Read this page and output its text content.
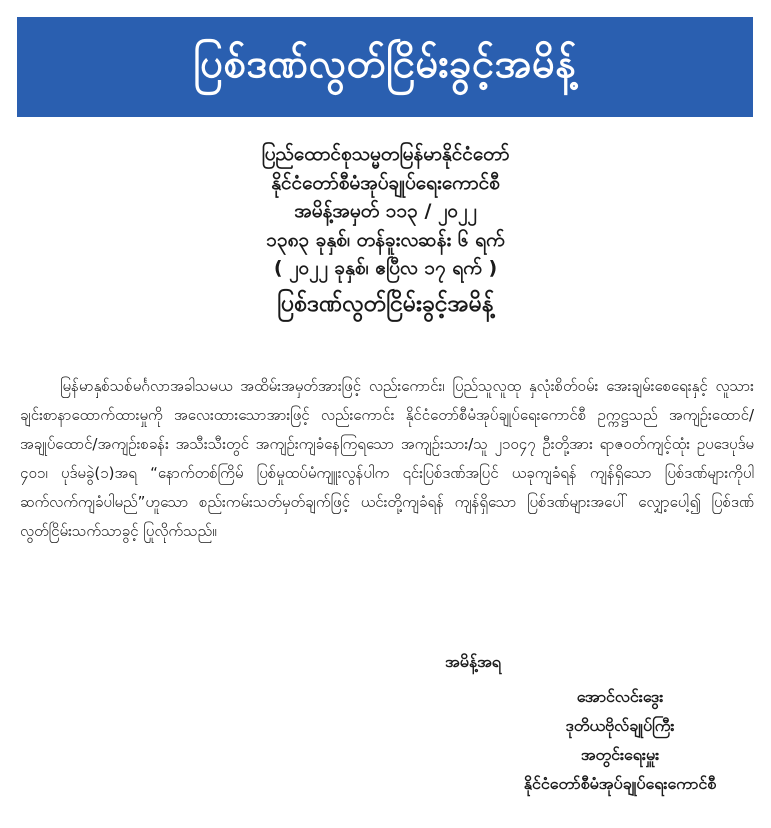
ပြစ်ဒဏ်လွတ်ငြိမ်းခွင့်အမိန့်
ပြည်ထောင်စုသမ္မတမြန်မာနိုင်ငံတော်
နိုင်ငံတော်စီမံအုပ်ချုပ်ရေးကောင်စီ
အမိန့်အမှတ် ၁၁၃ / ၂၀၂၂
၁၃၈၃ ခုနှစ်၊ တန်ခူးလဆန်း ၆ ရက်
( ၂၀၂၂ ခုနှစ်၊ ဧပြီလ ၁၇ ရက် )
ပြစ်ဒဏ်လွတ်ငြိမ်းခွင့်အမိန့်
မြန်မာနှစ်သစ်မင်္ဂလာအခါသမယ အထိမ်းအမှတ်အားဖြင့် လည်းကောင်း၊ ပြည်သူလူထု နှလုံးစိတ်ဝမ်း အေးချမ်းစေရေးနှင့် လူသားချင်းစာနာထောက်ထားမှုကို အလေးထားသောအားဖြင့် လည်းကောင်း နိုင်ငံတော်စီမံအုပ်ချုပ်ရေးကောင်စီ ဥက္ကဋ္ဌသည် အကျဉ်းထောင်/အချုပ်ထောင်/အကျဉ်းစခန်း အသီးသီးတွင် အကျဉ်းကျခံနေကြရသော အကျဉ်းသား/သူ ၂၁၀၄၇ ဦးတို့အား ရာဇဝတ်ကျင့်ထုံး ဥပဒေပုဒ်မ ၄၀၁၊ ပုဒ်မခွဲ(၁)အရ “နောက်တစ်ကြိမ် ပြစ်မှုထပ်မံကျူးလွန်ပါက ၎င်းပြစ်ဒဏ်အပြင် ယခုကျခံရန် ကျန်ရှိသော ပြစ်ဒဏ်များကိုပါ ဆက်လက်ကျခံပါမည်”ဟူသော စည်းကမ်းသတ်မှတ်ချက်ဖြင့် ယင်းတို့ကျခံရန် ကျန်ရှိသော ပြစ်ဒဏ်များအပေါ် လျှော့ပေါ့၍ ပြစ်ဒဏ်လွတ်ငြိမ်းသက်သာခွင့် ပြုလိုက်သည်။
အမိန့်အရ
အောင်လင်းဒွေး
ဒုတိယဗိုလ်ချုပ်ကြီး
အတွင်းရေးမှူး
နိုင်ငံတော်စီမံအုပ်ချုပ်ရေးကောင်စီ
